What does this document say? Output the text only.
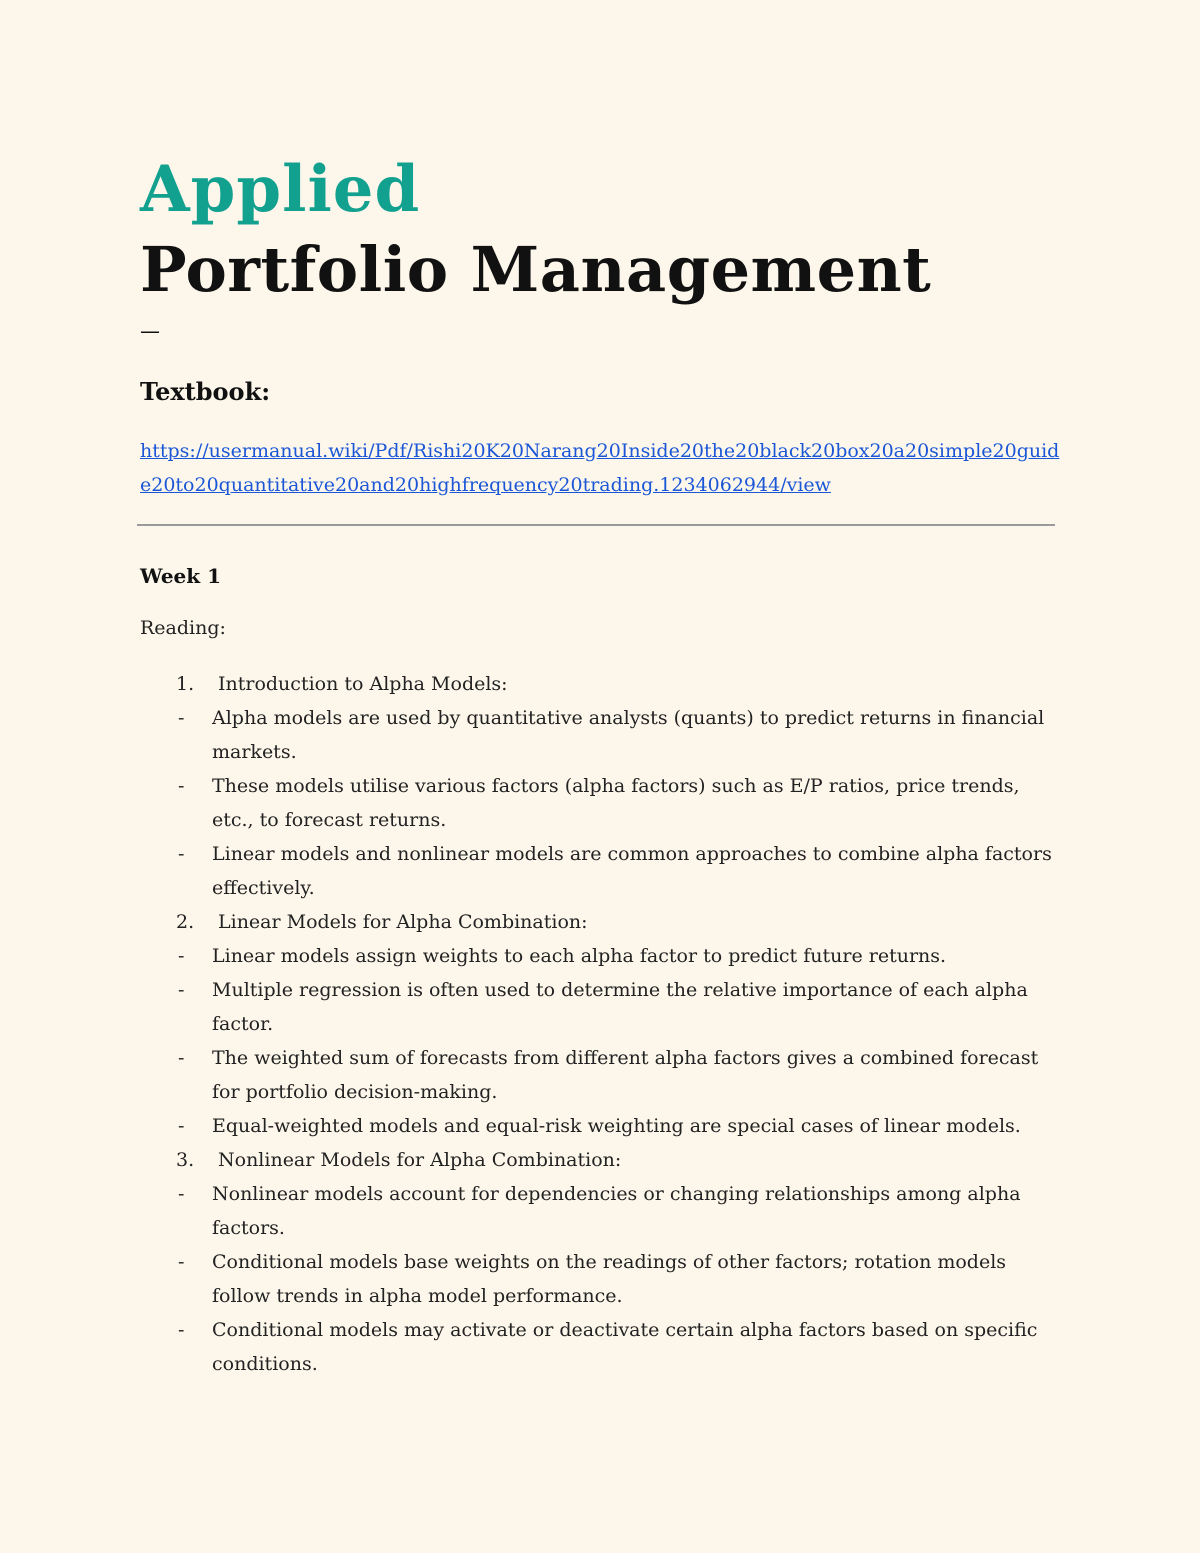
Applied
Portfolio Management
—
Textbook:
https://usermanual.wiki/Pdf/Rishi20K20Narang20Inside20the20black20box20a20simple20guide20to20quantitative20and20highfrequency20trading.1234062944/view
Week 1
Reading:
1. Introduction to Alpha Models:
- Alpha models are used by quantitative analysts (quants) to predict returns in financial markets.
- These models utilise various factors (alpha factors) such as E/P ratios, price trends, etc., to forecast returns.
- Linear models and nonlinear models are common approaches to combine alpha factors effectively.
2. Linear Models for Alpha Combination:
- Linear models assign weights to each alpha factor to predict future returns.
- Multiple regression is often used to determine the relative importance of each alpha factor.
- The weighted sum of forecasts from different alpha factors gives a combined forecast for portfolio decision-making.
- Equal-weighted models and equal-risk weighting are special cases of linear models.
3. Nonlinear Models for Alpha Combination:
- Nonlinear models account for dependencies or changing relationships among alpha factors.
- Conditional models base weights on the readings of other factors; rotation models follow trends in alpha model performance.
- Conditional models may activate or deactivate certain alpha factors based on specific conditions.
